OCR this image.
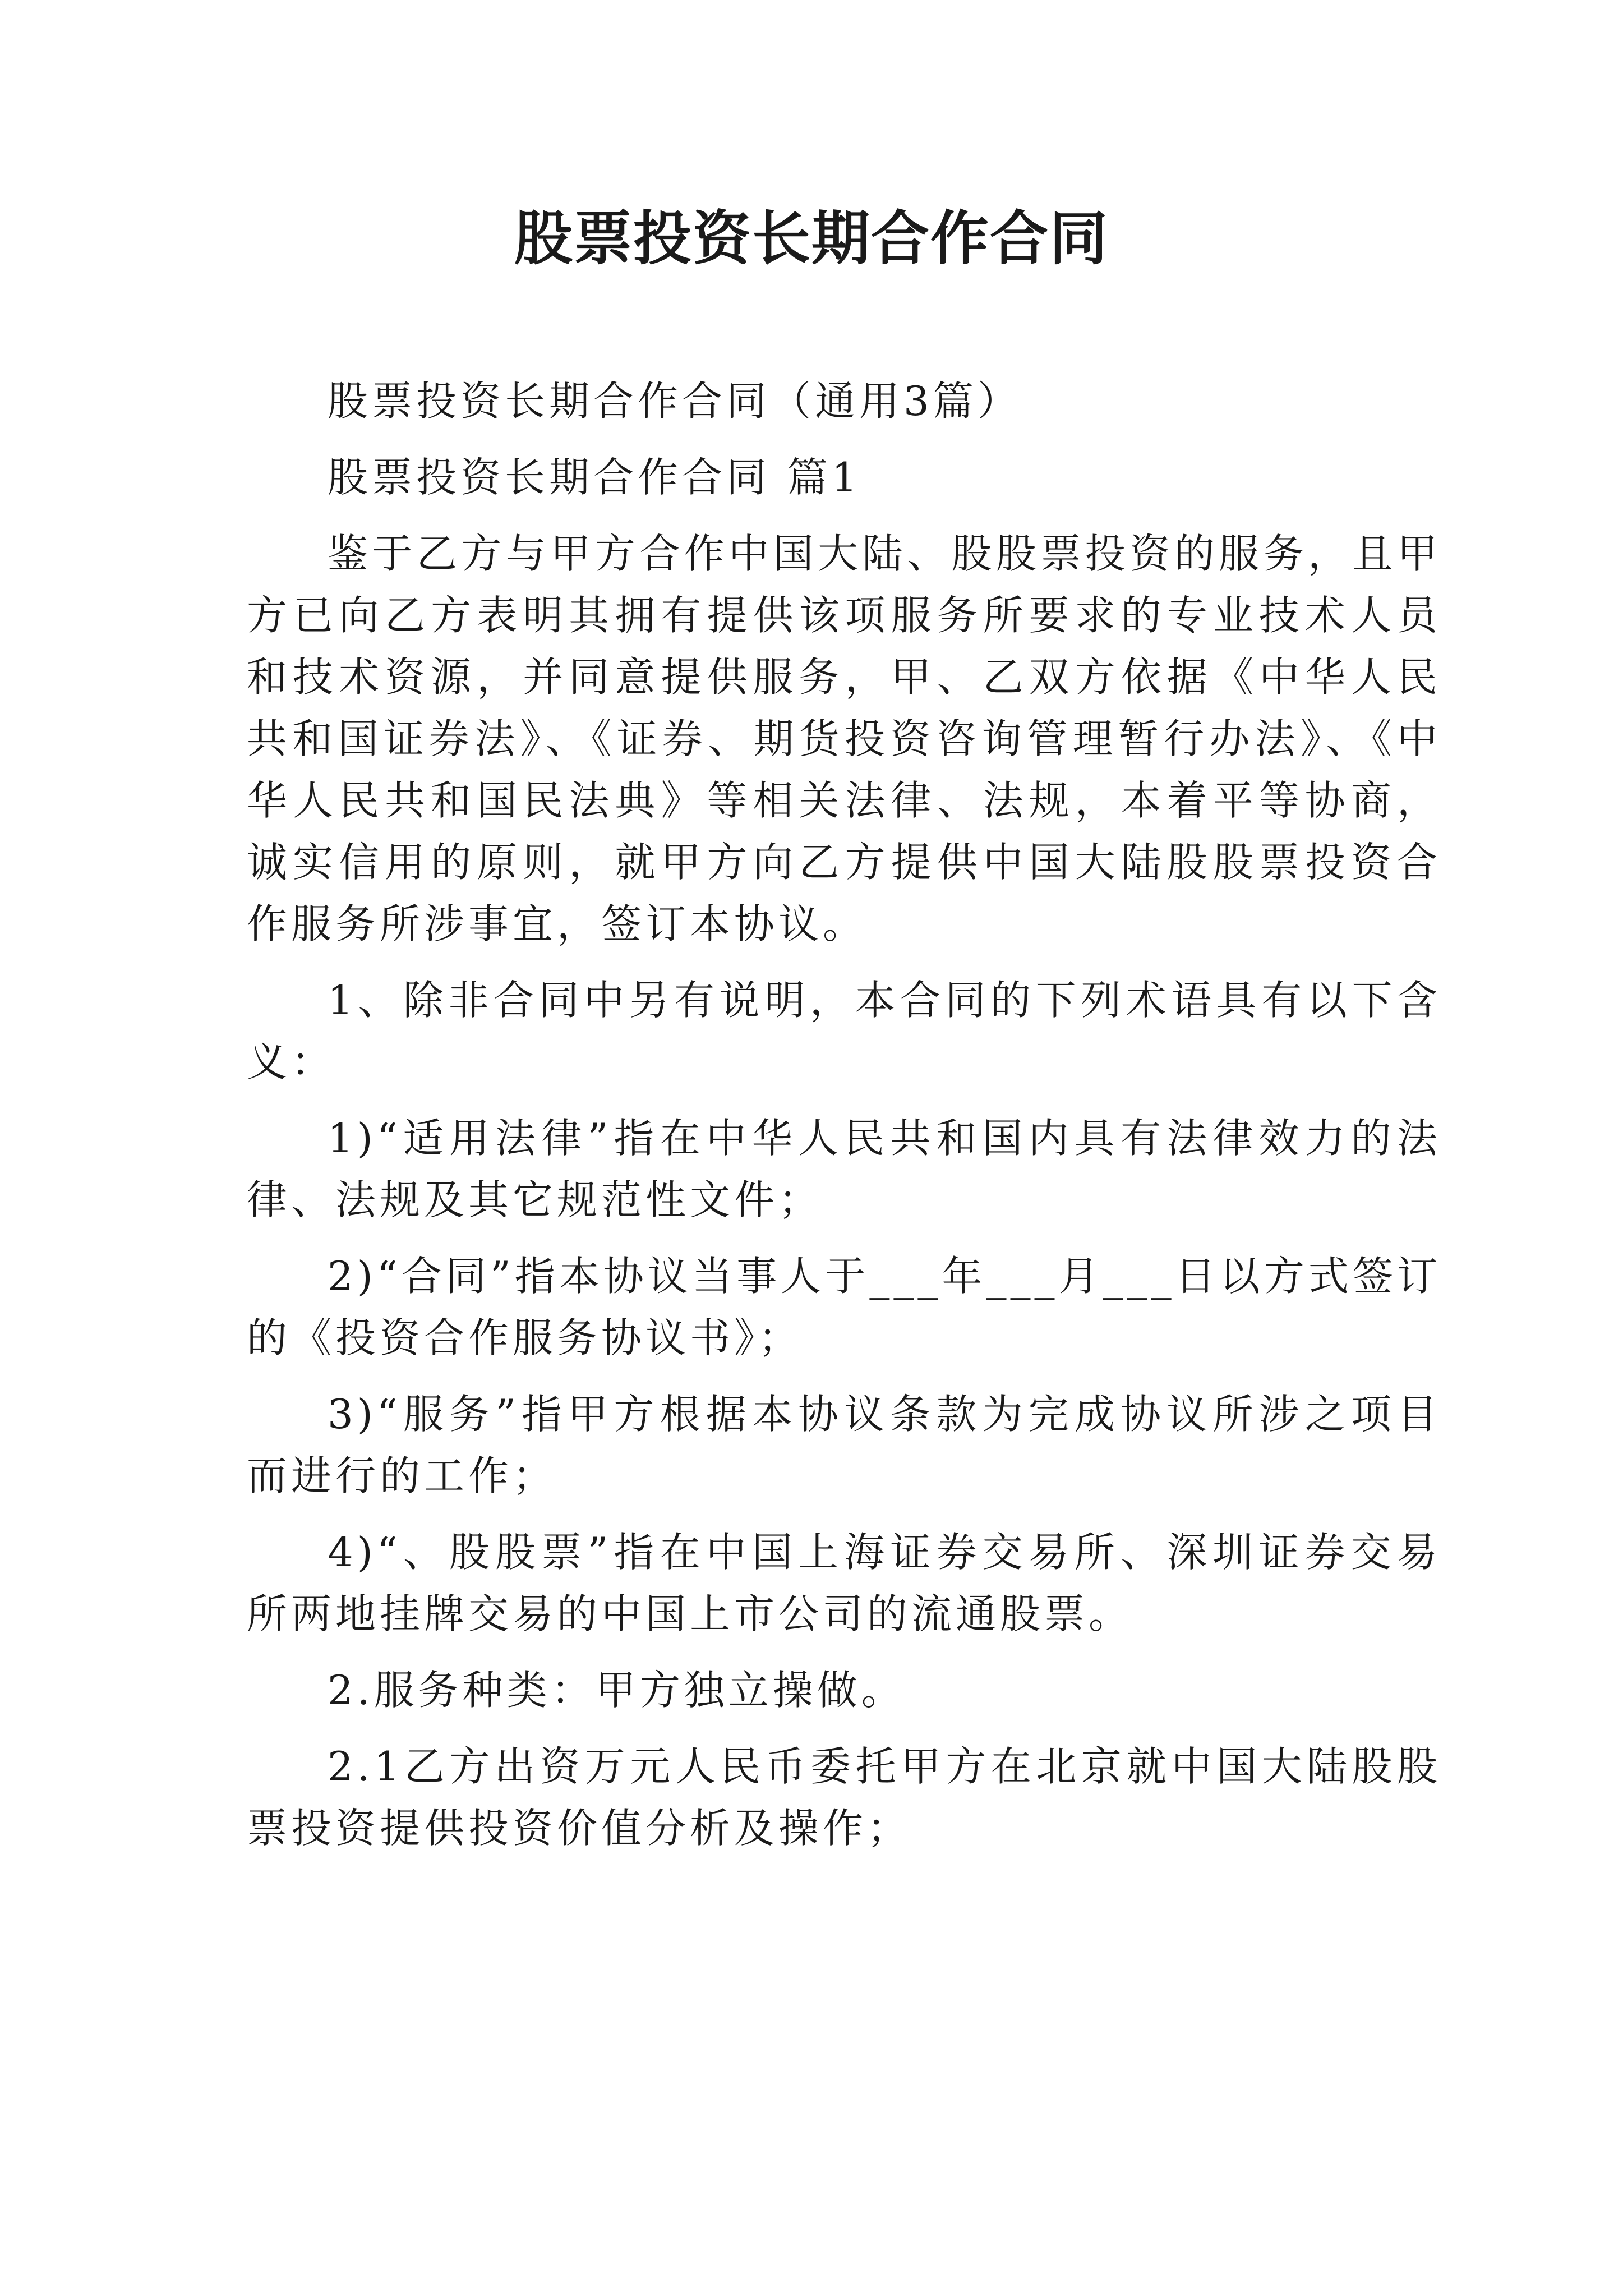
股票投资长期合作合同

股票投资长期合作合同（通用3篇）

股票投资长期合作合同 篇1

鉴于乙方与甲方合作中国大陆、股股票投资的服务，且甲方已向乙方表明其拥有提供该项服务所要求的专业技术人员和技术资源，并同意提供服务，甲、乙双方依据《中华人民共和国证券法》、《证券、期货投资咨询管理暂行办法》、《中华人民共和国民法典》等相关法律、法规，本着平等协商，诚实信用的原则，就甲方向乙方提供中国大陆股股票投资合作服务所涉事宜，签订本协议。

1、除非合同中另有说明，本合同的下列术语具有以下含义：

1)“适用法律”指在中华人民共和国内具有法律效力的法律、法规及其它规范性文件；

2)“合同”指本协议当事人于___年___月___日以方式签订的《投资合作服务协议书》；

3)“服务”指甲方根据本协议条款为完成协议所涉之项目而进行的工作；

4)“、股股票”指在中国上海证券交易所、深圳证券交易所两地挂牌交易的中国上市公司的流通股票。

2.服务种类：甲方独立操做。

2.1乙方出资万元人民币委托甲方在北京就中国大陆股股票投资提供投资价值分析及操作；
